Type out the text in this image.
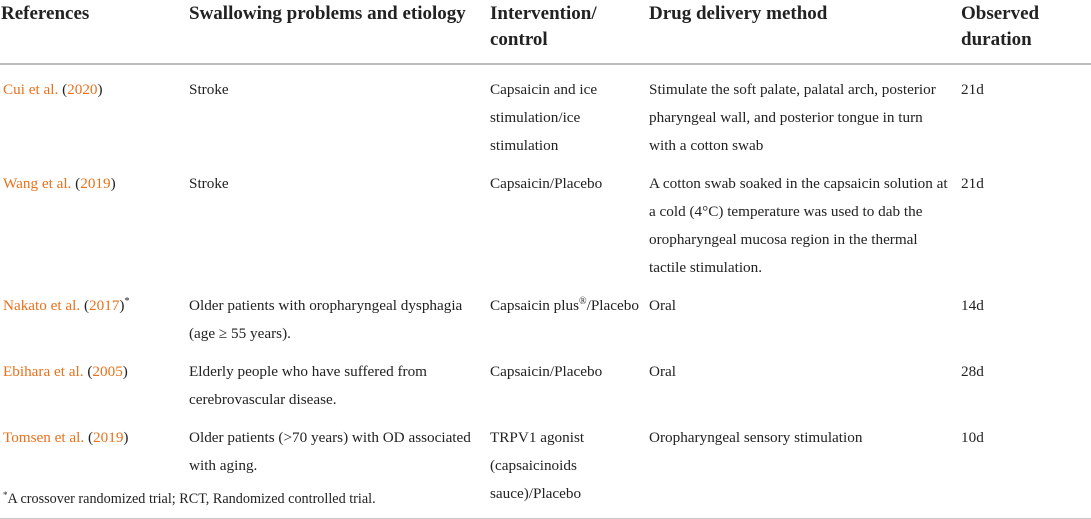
References	Swallowing problems and etiology	Intervention/ control	Drug delivery method	Observed duration
Cui et al. (2020)	Stroke	Capsaicin and ice stimulation/ice stimulation	Stimulate the soft palate, palatal arch, posterior pharyngeal wall, and posterior tongue in turn with a cotton swab	21d
Wang et al. (2019)	Stroke	Capsaicin/Placebo	A cotton swab soaked in the capsaicin solution at a cold (4°C) temperature was used to dab the oropharyngeal mucosa region in the thermal tactile stimulation.	21d
Nakato et al. (2017)*	Older patients with oropharyngeal dysphagia (age ≥ 55 years).	Capsaicin plus®/Placebo	Oral	14d
Ebihara et al. (2005)	Elderly people who have suffered from cerebrovascular disease.	Capsaicin/Placebo	Oral	28d
Tomsen et al. (2019)	Older patients (>70 years) with OD associated with aging.	TRPV1 agonist (capsaicinoids sauce)/Placebo	Oropharyngeal sensory stimulation	10d
*A crossover randomized trial; RCT, Randomized controlled trial.
